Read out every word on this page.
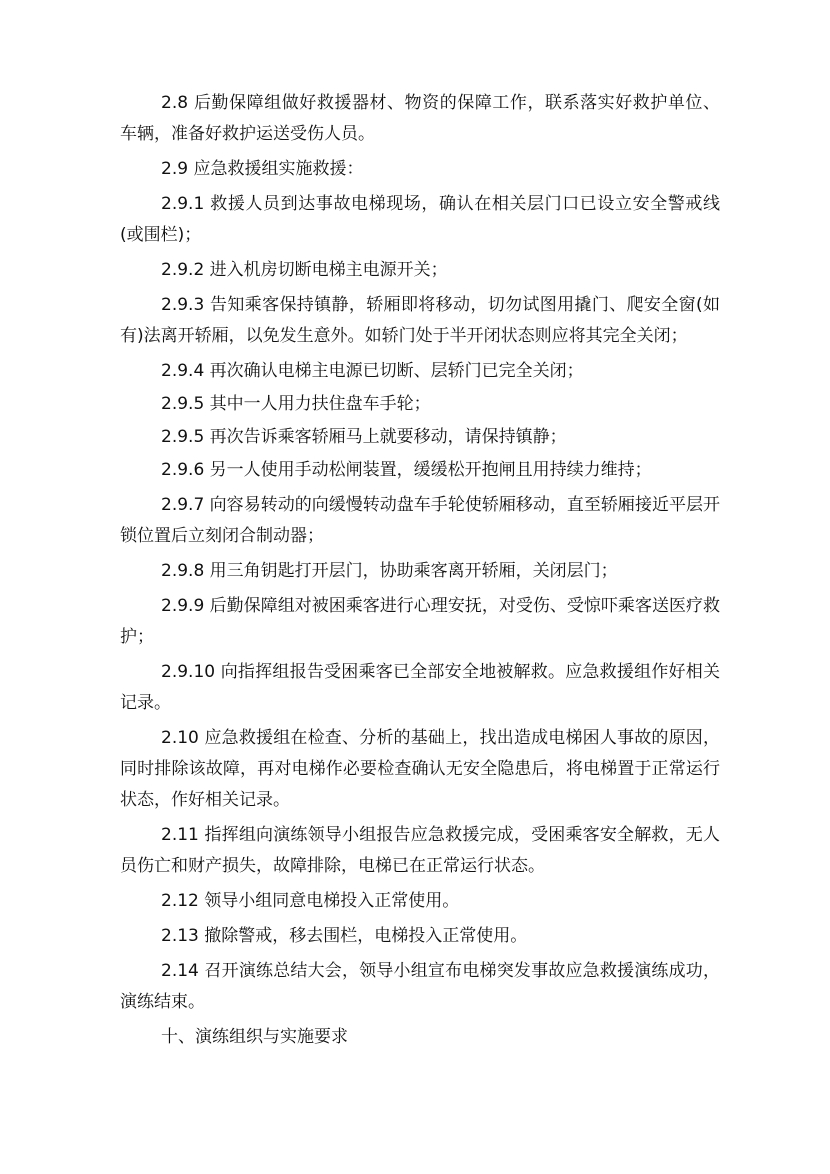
2.8 后勤保障组做好救援器材、物资的保障工作，联系落实好救护单位、车辆，准备好救护运送受伤人员。

2.9 应急救援组实施救援：

2.9.1 救援人员到达事故电梯现场，确认在相关层门口已设立安全警戒线(或围栏)；

2.9.2 进入机房切断电梯主电源开关；

2.9.3 告知乘客保持镇静，轿厢即将移动，切勿试图用撬门、爬安全窗(如有)法离开轿厢，以免发生意外。如轿门处于半开闭状态则应将其完全关闭；

2.9.4 再次确认电梯主电源已切断、层轿门已完全关闭；

2.9.5 其中一人用力扶住盘车手轮；

2.9.5 再次告诉乘客轿厢马上就要移动，请保持镇静；

2.9.6 另一人使用手动松闸装置，缓缓松开抱闸且用持续力维持；

2.9.7 向容易转动的向缓慢转动盘车手轮使轿厢移动，直至轿厢接近平层开锁位置后立刻闭合制动器；

2.9.8 用三角钥匙打开层门，协助乘客离开轿厢，关闭层门；

2.9.9 后勤保障组对被困乘客进行心理安抚，对受伤、受惊吓乘客送医疗救护；

2.9.10 向指挥组报告受困乘客已全部安全地被解救。应急救援组作好相关记录。

2.10 应急救援组在检查、分析的基础上，找出造成电梯困人事故的原因，同时排除该故障，再对电梯作必要检查确认无安全隐患后，将电梯置于正常运行状态，作好相关记录。

2.11 指挥组向演练领导小组报告应急救援完成，受困乘客安全解救，无人员伤亡和财产损失，故障排除，电梯已在正常运行状态。

2.12 领导小组同意电梯投入正常使用。

2.13 撤除警戒，移去围栏，电梯投入正常使用。

2.14 召开演练总结大会，领导小组宣布电梯突发事故应急救援演练成功，演练结束。

十、演练组织与实施要求
